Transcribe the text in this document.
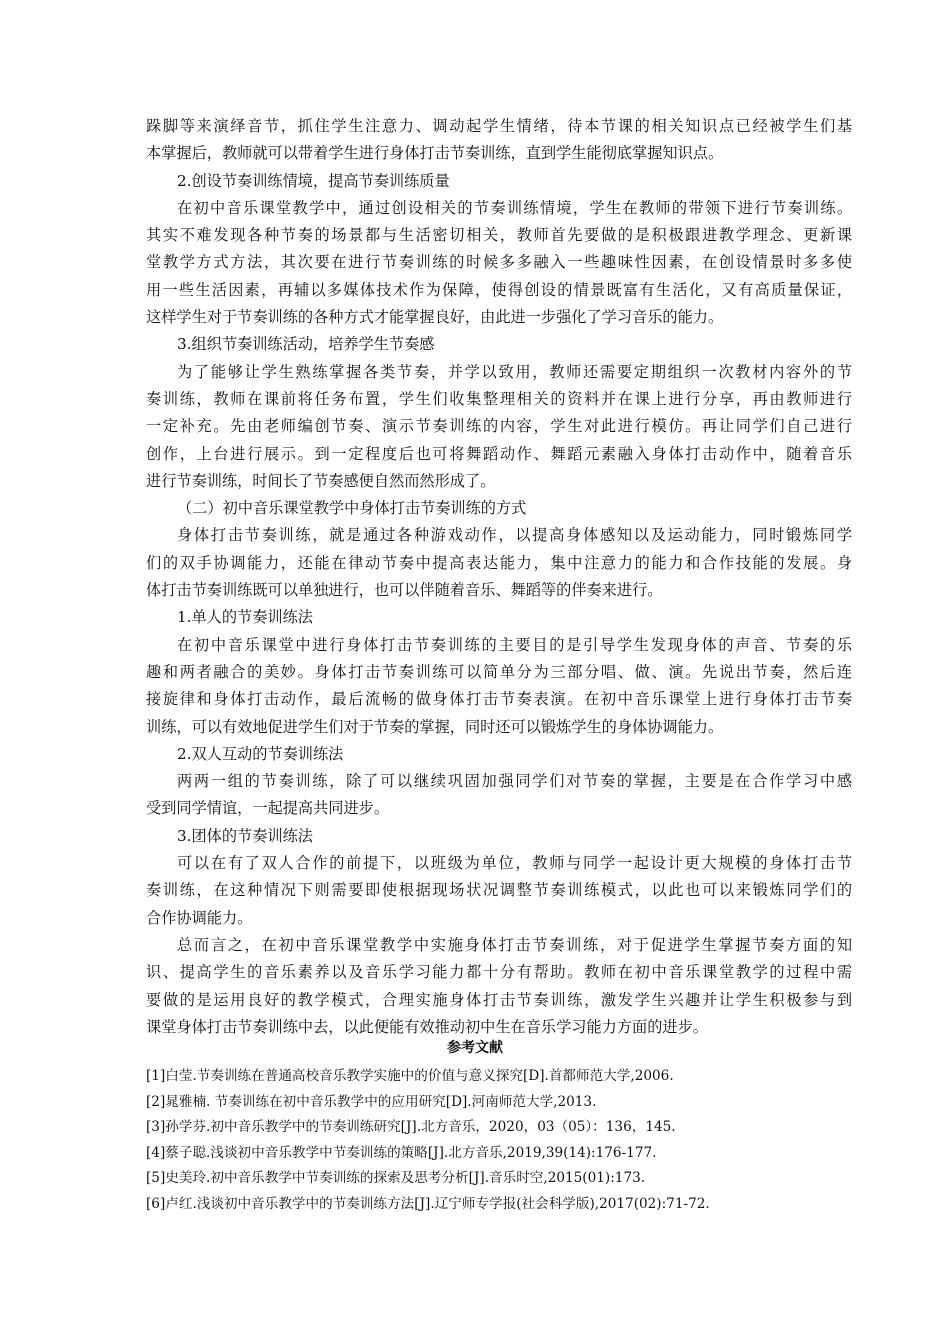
跺脚等来演绎音节，抓住学生注意力、调动起学生情绪，待本节课的相关知识点已经被学生们基
本掌握后，教师就可以带着学生进行身体打击节奏训练，直到学生能彻底掌握知识点。

2.创设节奏训练情境，提高节奏训练质量

在初中音乐课堂教学中，通过创设相关的节奏训练情境，学生在教师的带领下进行节奏训练。
其实不难发现各种节奏的场景都与生活密切相关，教师首先要做的是积极跟进教学理念、更新课
堂教学方式方法，其次要在进行节奏训练的时候多多融入一些趣味性因素，在创设情景时多多使
用一些生活因素，再辅以多媒体技术作为保障，使得创设的情景既富有生活化，又有高质量保证，
这样学生对于节奏训练的各种方式才能掌握良好，由此进一步强化了学习音乐的能力。

3.组织节奏训练活动，培养学生节奏感

为了能够让学生熟练掌握各类节奏，并学以致用，教师还需要定期组织一次教材内容外的节
奏训练，教师在课前将任务布置，学生们收集整理相关的资料并在课上进行分享，再由教师进行
一定补充。先由老师编创节奏、演示节奏训练的内容，学生对此进行模仿。再让同学们自己进行
创作，上台进行展示。到一定程度后也可将舞蹈动作、舞蹈元素融入身体打击动作中，随着音乐
进行节奏训练，时间长了节奏感便自然而然形成了。

（二）初中音乐课堂教学中身体打击节奏训练的方式

身体打击节奏训练，就是通过各种游戏动作，以提高身体感知以及运动能力，同时锻炼同学
们的双手协调能力，还能在律动节奏中提高表达能力，集中注意力的能力和合作技能的发展。身
体打击节奏训练既可以单独进行，也可以伴随着音乐、舞蹈等的伴奏来进行。

1.单人的节奏训练法

在初中音乐课堂中进行身体打击节奏训练的主要目的是引导学生发现身体的声音、节奏的乐
趣和两者融合的美妙。身体打击节奏训练可以简单分为三部分唱、做、演。先说出节奏，然后连
接旋律和身体打击动作，最后流畅的做身体打击节奏表演。在初中音乐课堂上进行身体打击节奏
训练，可以有效地促进学生们对于节奏的掌握，同时还可以锻炼学生的身体协调能力。

2.双人互动的节奏训练法

两两一组的节奏训练，除了可以继续巩固加强同学们对节奏的掌握，主要是在合作学习中感
受到同学情谊，一起提高共同进步。

3.团体的节奏训练法

可以在有了双人合作的前提下，以班级为单位，教师与同学一起设计更大规模的身体打击节
奏训练，在这种情况下则需要即使根据现场状况调整节奏训练模式，以此也可以来锻炼同学们的
合作协调能力。
总而言之，在初中音乐课堂教学中实施身体打击节奏训练，对于促进学生掌握节奏方面的知
识、提高学生的音乐素养以及音乐学习能力都十分有帮助。教师在初中音乐课堂教学的过程中需
要做的是运用良好的教学模式，合理实施身体打击节奏训练，激发学生兴趣并让学生积极参与到
课堂身体打击节奏训练中去，以此便能有效推动初中生在音乐学习能力方面的进步。
参考文献

[1]白莹.节奏训练在普通高校音乐教学实施中的价值与意义探究[D].首都师范大学,2006.

[2]晁雅楠. 节奏训练在初中音乐教学中的应用研究[D].河南师范大学,2013.

[3]孙学芬.初中音乐教学中的节奏训练研究[J].北方音乐，2020，03（05）：136，145.

[4]蔡子聪.浅谈初中音乐教学中节奏训练的策略[J].北方音乐,2019,39(14):176-177.

[5]史美玲.初中音乐教学中节奏训练的探索及思考分析[J].音乐时空,2015(01):173.

[6]卢红.浅谈初中音乐教学中的节奏训练方法[J].辽宁师专学报(社会科学版),2017(02):71-72.
